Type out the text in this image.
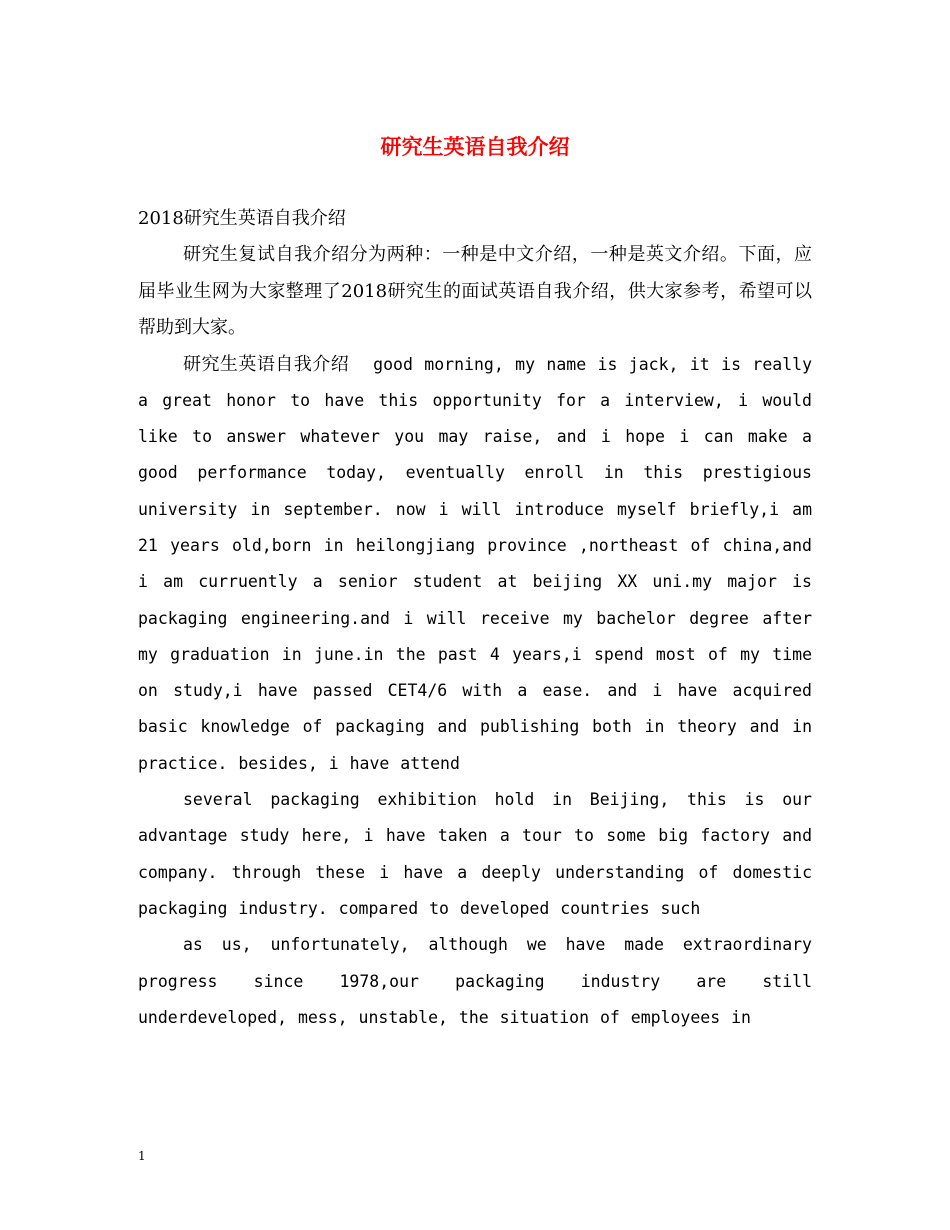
研究生英语自我介绍

2018研究生英语自我介绍

研究生复试自我介绍分为两种：一种是中文介绍，一种是英文介绍。下面，应届毕业生网为大家整理了2018研究生的面试英语自我介绍，供大家参考，希望可以帮助到大家。

研究生英语自我介绍 good morning, my name is jack, it is really a great honor to have this opportunity for a interview, i would like to answer whatever you may raise, and i hope i can make a good performance today, eventually enroll in this prestigious university in september. now i will introduce myself briefly,i am 21 years old,born in heilongjiang province ,northeast of china,and i am curruently a senior student at beijing XX uni.my major is packaging engineering.and i will receive my bachelor degree after my graduation in june.in the past 4 years,i spend most of my time on study,i have passed CET4/6 with a ease. and i have acquired basic knowledge of packaging and publishing both in theory and in practice. besides, i have attend

several packaging exhibition hold in Beijing, this is our advantage study here, i have taken a tour to some big factory and company. through these i have a deeply understanding of domestic packaging industry. compared to developed countries such

as us, unfortunately, although we have made extraordinary progress since 1978,our packaging industry are still underdeveloped, mess, unstable, the situation of employees in

1
